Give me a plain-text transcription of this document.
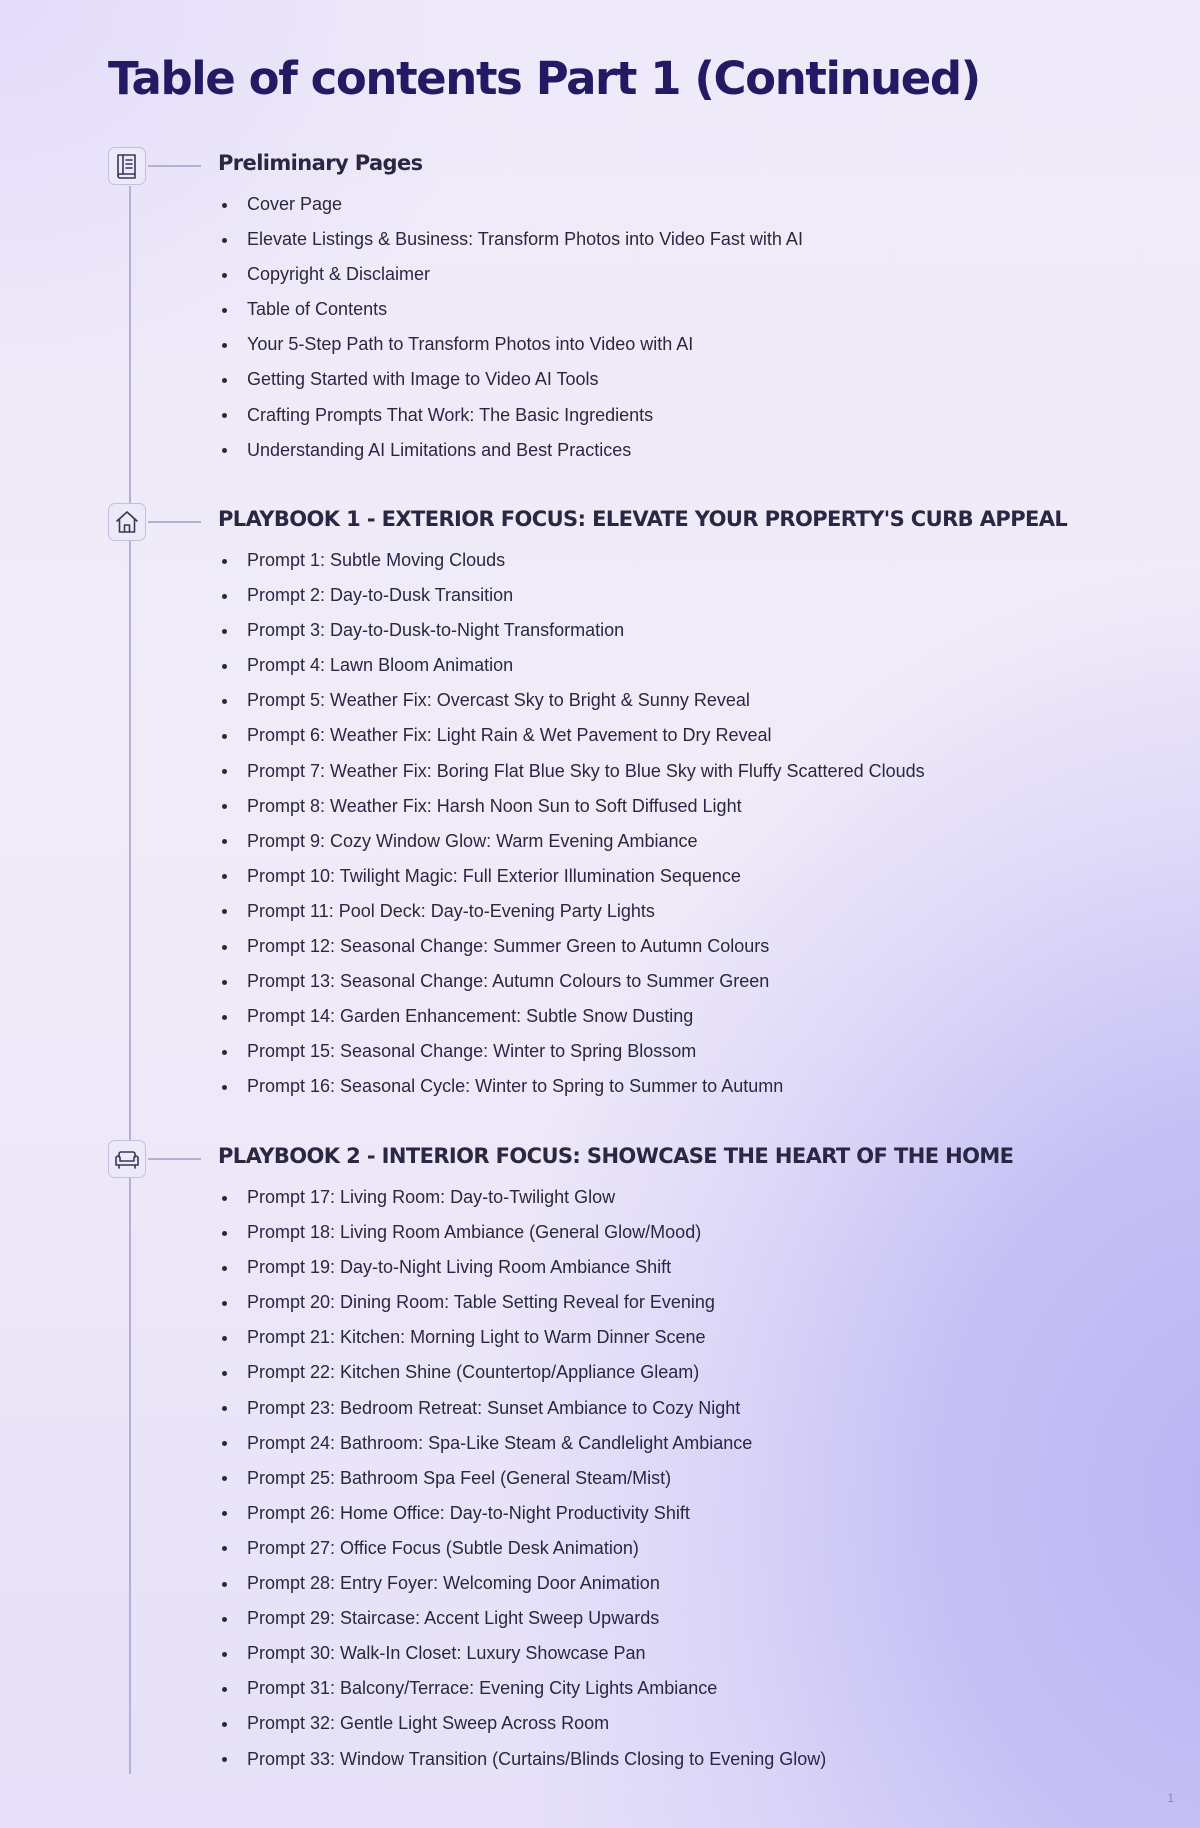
Table of contents Part 1 (Continued)
Preliminary Pages
Cover Page
Elevate Listings & Business: Transform Photos into Video Fast with AI
Copyright & Disclaimer
Table of Contents
Your 5-Step Path to Transform Photos into Video with AI
Getting Started with Image to Video AI Tools
Crafting Prompts That Work: The Basic Ingredients
Understanding AI Limitations and Best Practices
PLAYBOOK 1 - EXTERIOR FOCUS: ELEVATE YOUR PROPERTY'S CURB APPEAL
Prompt 1: Subtle Moving Clouds
Prompt 2: Day-to-Dusk Transition
Prompt 3: Day-to-Dusk-to-Night Transformation
Prompt 4: Lawn Bloom Animation
Prompt 5: Weather Fix: Overcast Sky to Bright & Sunny Reveal
Prompt 6: Weather Fix: Light Rain & Wet Pavement to Dry Reveal
Prompt 7: Weather Fix: Boring Flat Blue Sky to Blue Sky with Fluffy Scattered Clouds
Prompt 8: Weather Fix: Harsh Noon Sun to Soft Diffused Light
Prompt 9: Cozy Window Glow: Warm Evening Ambiance
Prompt 10: Twilight Magic: Full Exterior Illumination Sequence
Prompt 11: Pool Deck: Day-to-Evening Party Lights
Prompt 12: Seasonal Change: Summer Green to Autumn Colours
Prompt 13: Seasonal Change: Autumn Colours to Summer Green
Prompt 14: Garden Enhancement: Subtle Snow Dusting
Prompt 15: Seasonal Change: Winter to Spring Blossom
Prompt 16: Seasonal Cycle: Winter to Spring to Summer to Autumn
PLAYBOOK 2 - INTERIOR FOCUS: SHOWCASE THE HEART OF THE HOME
Prompt 17: Living Room: Day-to-Twilight Glow
Prompt 18: Living Room Ambiance (General Glow/Mood)
Prompt 19: Day-to-Night Living Room Ambiance Shift
Prompt 20: Dining Room: Table Setting Reveal for Evening
Prompt 21: Kitchen: Morning Light to Warm Dinner Scene
Prompt 22: Kitchen Shine (Countertop/Appliance Gleam)
Prompt 23: Bedroom Retreat: Sunset Ambiance to Cozy Night
Prompt 24: Bathroom: Spa-Like Steam & Candlelight Ambiance
Prompt 25: Bathroom Spa Feel (General Steam/Mist)
Prompt 26: Home Office: Day-to-Night Productivity Shift
Prompt 27: Office Focus (Subtle Desk Animation)
Prompt 28: Entry Foyer: Welcoming Door Animation
Prompt 29: Staircase: Accent Light Sweep Upwards
Prompt 30: Walk-In Closet: Luxury Showcase Pan
Prompt 31: Balcony/Terrace: Evening City Lights Ambiance
Prompt 32: Gentle Light Sweep Across Room
Prompt 33: Window Transition (Curtains/Blinds Closing to Evening Glow)
1
